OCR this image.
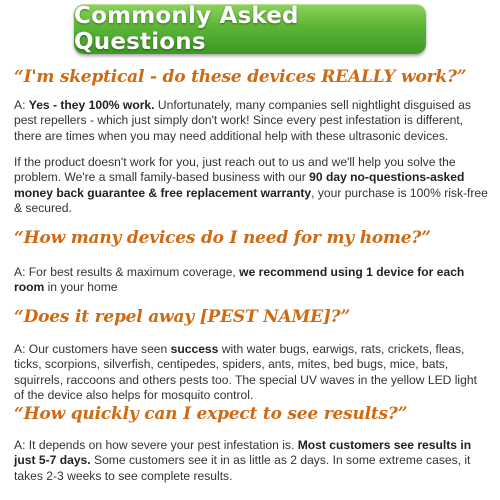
Commonly Asked Questions

“I'm skeptical - do these devices REALLY work?”

A: Yes - they 100% work. Unfortunately, many companies sell nightlight disguised as pest repellers - which just simply don't work! Since every pest infestation is different, there are times when you may need additional help with these ultrasonic devices.

If the product doesn't work for you, just reach out to us and we'll help you solve the problem. We're a small family-based business with our 90 day no-questions-asked money back guarantee & free replacement warranty, your purchase is 100% risk-free & secured.

“How many devices do I need for my home?”

A: For best results & maximum coverage, we recommend using 1 device for each room in your home

“Does it repel away [PEST NAME]?”

A: Our customers have seen success with water bugs, earwigs, rats, crickets, fleas, ticks, scorpions, silverfish, centipedes, spiders, ants, mites, bed bugs, mice, bats, squirrels, raccoons and others pests too. The special UV waves in the yellow LED light of the device also helps for mosquito control.

“How quickly can I expect to see results?”

A: It depends on how severe your pest infestation is. Most customers see results in just 5-7 days. Some customers see it in as little as 2 days. In some extreme cases, it takes 2-3 weeks to see complete results.
